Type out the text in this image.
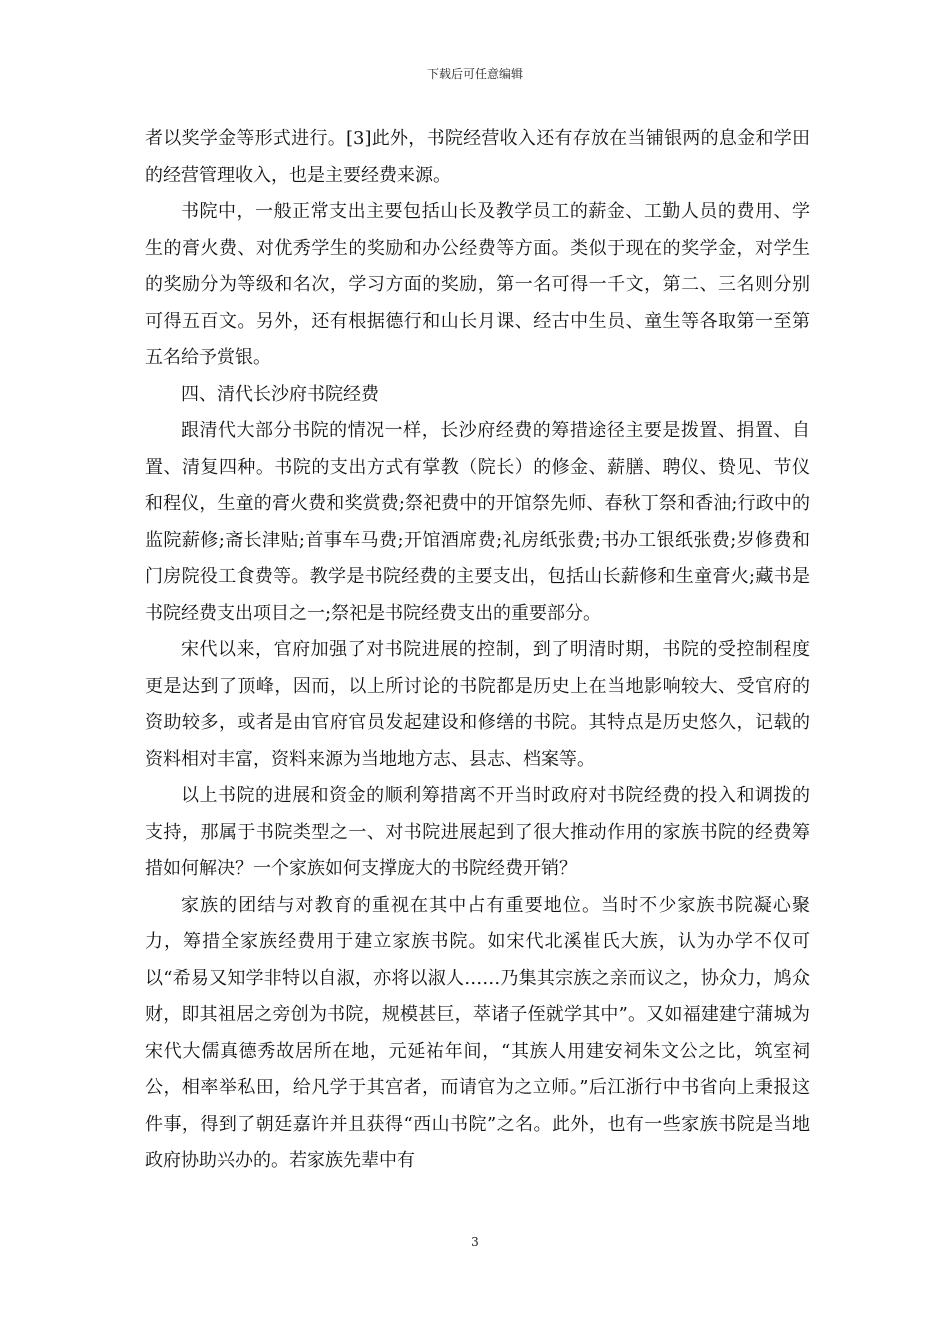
下载后可任意编辑

者以奖学金等形式进行。[3]此外，书院经营收入还有存放在当铺银两的息金和学田的经营管理收入，也是主要经费来源。

书院中，一般正常支出主要包括山长及教学员工的薪金、工勤人员的费用、学生的膏火费、对优秀学生的奖励和办公经费等方面。类似于现在的奖学金，对学生的奖励分为等级和名次，学习方面的奖励，第一名可得一千文，第二、三名则分别可得五百文。另外，还有根据德行和山长月课、经古中生员、童生等各取第一至第五名给予赏银。

四、清代长沙府书院经费

跟清代大部分书院的情况一样，长沙府经费的筹措途径主要是拨置、捐置、自置、清复四种。书院的支出方式有掌教（院长）的修金、薪膳、聘仪、贽见、节仪和程仪，生童的膏火费和奖赏费;祭祀费中的开馆祭先师、春秋丁祭和香油;行政中的监院薪修;斋长津贴;首事车马费;开馆酒席费;礼房纸张费;书办工银纸张费;岁修费和门房院役工食费等。教学是书院经费的主要支出，包括山长薪修和生童膏火;藏书是书院经费支出项目之一;祭祀是书院经费支出的重要部分。

宋代以来，官府加强了对书院进展的控制，到了明清时期，书院的受控制程度更是达到了顶峰，因而，以上所讨论的书院都是历史上在当地影响较大、受官府的资助较多，或者是由官府官员发起建设和修缮的书院。其特点是历史悠久，记载的资料相对丰富，资料来源为当地地方志、县志、档案等。

以上书院的进展和资金的顺利筹措离不开当时政府对书院经费的投入和调拨的支持，那属于书院类型之一、对书院进展起到了很大推动作用的家族书院的经费筹措如何解决？一个家族如何支撑庞大的书院经费开销？

家族的团结与对教育的重视在其中占有重要地位。当时不少家族书院凝心聚力，筹措全家族经费用于建立家族书院。如宋代北溪崔氏大族，认为办学不仅可以“希易又知学非特以自淑，亦将以淑人……乃集其宗族之亲而议之，协众力，鸠众财，即其祖居之旁创为书院，规模甚巨，萃诸子侄就学其中”。又如福建建宁蒲城为宋代大儒真德秀故居所在地，元延祐年间，“其族人用建安祠朱文公之比，筑室祠公，相率举私田，给凡学于其宫者，而请官为之立师。”后江浙行中书省向上秉报这件事，得到了朝廷嘉许并且获得“西山书院”之名。此外，也有一些家族书院是当地政府协助兴办的。若家族先辈中有

3
